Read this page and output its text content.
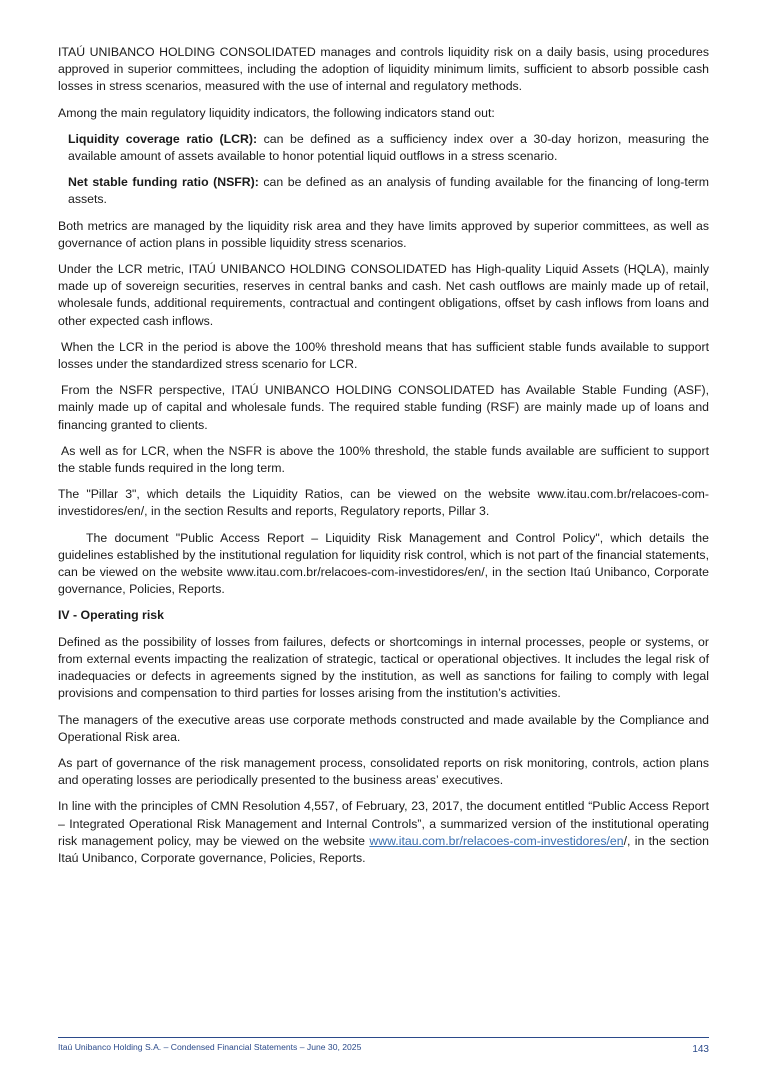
ITAÚ UNIBANCO HOLDING CONSOLIDATED manages and controls liquidity risk on a daily basis, using procedures approved in superior committees, including the adoption of liquidity minimum limits, sufficient to absorb possible cash losses in stress scenarios, measured with the use of internal and regulatory methods.

Among the main regulatory liquidity indicators, the following indicators stand out:

Liquidity coverage ratio (LCR): can be defined as a sufficiency index over a 30-day horizon, measuring the available amount of assets available to honor potential liquid outflows in a stress scenario.

Net stable funding ratio (NSFR): can be defined as an analysis of funding available for the financing of long-term assets.

Both metrics are managed by the liquidity risk area and they have limits approved by superior committees, as well as governance of action plans in possible liquidity stress scenarios.

Under the LCR metric, ITAÚ UNIBANCO HOLDING CONSOLIDATED has High-quality Liquid Assets (HQLA), mainly made up of sovereign securities, reserves in central banks and cash. Net cash outflows are mainly made up of retail, wholesale funds, additional requirements, contractual and contingent obligations, offset by cash inflows from loans and other expected cash inflows.

When the LCR in the period is above the 100% threshold means that has sufficient stable funds available to support losses under the standardized stress scenario for LCR.

From the NSFR perspective, ITAÚ UNIBANCO HOLDING CONSOLIDATED has Available Stable Funding (ASF), mainly made up of capital and wholesale funds. The required stable funding (RSF) are mainly made up of loans and financing granted to clients.

As well as for LCR, when the NSFR is above the 100% threshold, the stable funds available are sufficient to support the stable funds required in the long term.

The "Pillar 3", which details the Liquidity Ratios, can be viewed on the website www.itau.com.br/relacoes-com-investidores/en/, in the section Results and reports, Regulatory reports, Pillar 3.

The document "Public Access Report – Liquidity Risk Management and Control Policy", which details the guidelines established by the institutional regulation for liquidity risk control, which is not part of the financial statements, can be viewed on the website www.itau.com.br/relacoes-com-investidores/en/, in the section Itaú Unibanco, Corporate governance, Policies, Reports.

IV - Operating risk

Defined as the possibility of losses from failures, defects or shortcomings in internal processes, people or systems, or from external events impacting the realization of strategic, tactical or operational objectives. It includes the legal risk of inadequacies or defects in agreements signed by the institution, as well as sanctions for failing to comply with legal provisions and compensation to third parties for losses arising from the institution’s activities.

The managers of the executive areas use corporate methods constructed and made available by the Compliance and Operational Risk area.

As part of governance of the risk management process, consolidated reports on risk monitoring, controls, action plans and operating losses are periodically presented to the business areas’ executives.

In line with the principles of CMN Resolution 4,557, of February, 23, 2017, the document entitled “Public Access Report – Integrated Operational Risk Management and Internal Controls”, a summarized version of the institutional operating risk management policy, may be viewed on the website www.itau.com.br/relacoes-com-investidores/en/, in the section Itaú Unibanco, Corporate governance, Policies, Reports.

Itaú Unibanco Holding S.A. – Condensed Financial Statements – June 30, 2025	143
